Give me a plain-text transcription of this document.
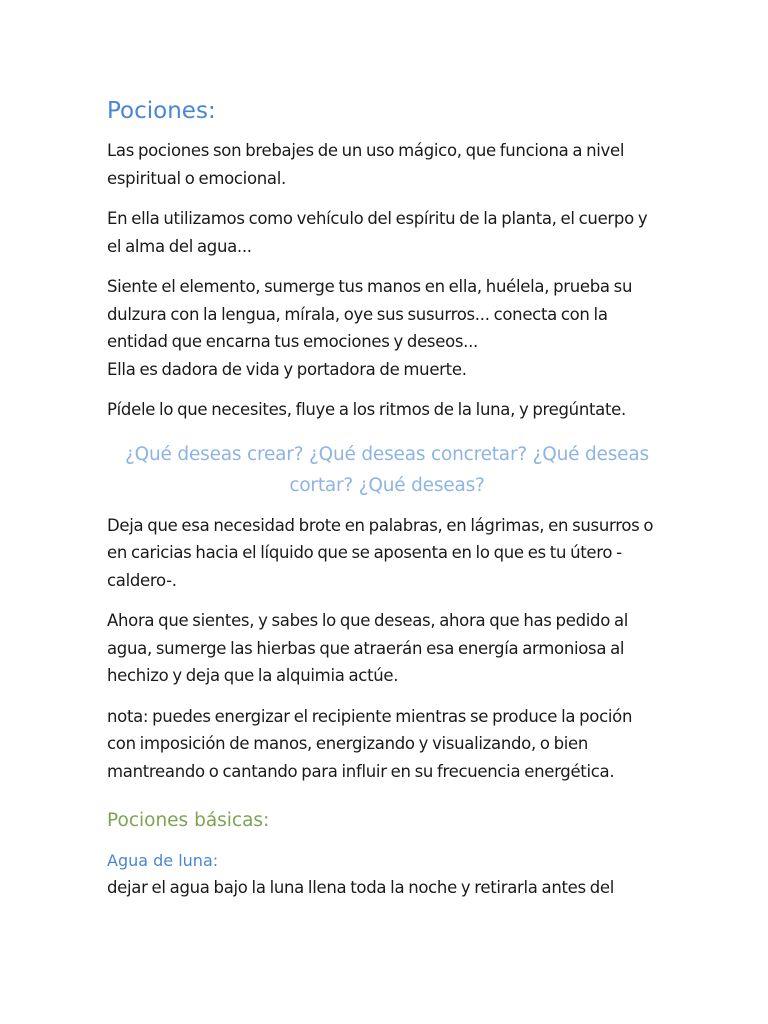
Pociones:

Las pociones son brebajes de un uso mágico, que funciona a nivel
espiritual o emocional.

En ella utilizamos como vehículo del espíritu de la planta, el cuerpo y
el alma del agua...

Siente el elemento, sumerge tus manos en ella, huélela, prueba su
dulzura con la lengua, mírala, oye sus susurros... conecta con la
entidad que encarna tus emociones y deseos...
Ella es dadora de vida y portadora de muerte.

Pídele lo que necesites, fluye a los ritmos de la luna, y pregúntate.

¿Qué deseas crear? ¿Qué deseas concretar? ¿Qué deseas
cortar? ¿Qué deseas?

Deja que esa necesidad brote en palabras, en lágrimas, en susurros o
en caricias hacia el líquido que se aposenta en lo que es tu útero -
caldero-.

Ahora que sientes, y sabes lo que deseas, ahora que has pedido al
agua, sumerge las hierbas que atraerán esa energía armoniosa al
hechizo y deja que la alquimia actúe.

nota: puedes energizar el recipiente mientras se produce la poción
con imposición de manos, energizando y visualizando, o bien
mantreando o cantando para influir en su frecuencia energética.

Pociones básicas:
Agua de luna:

dejar el agua bajo la luna llena toda la noche y retirarla antes del
